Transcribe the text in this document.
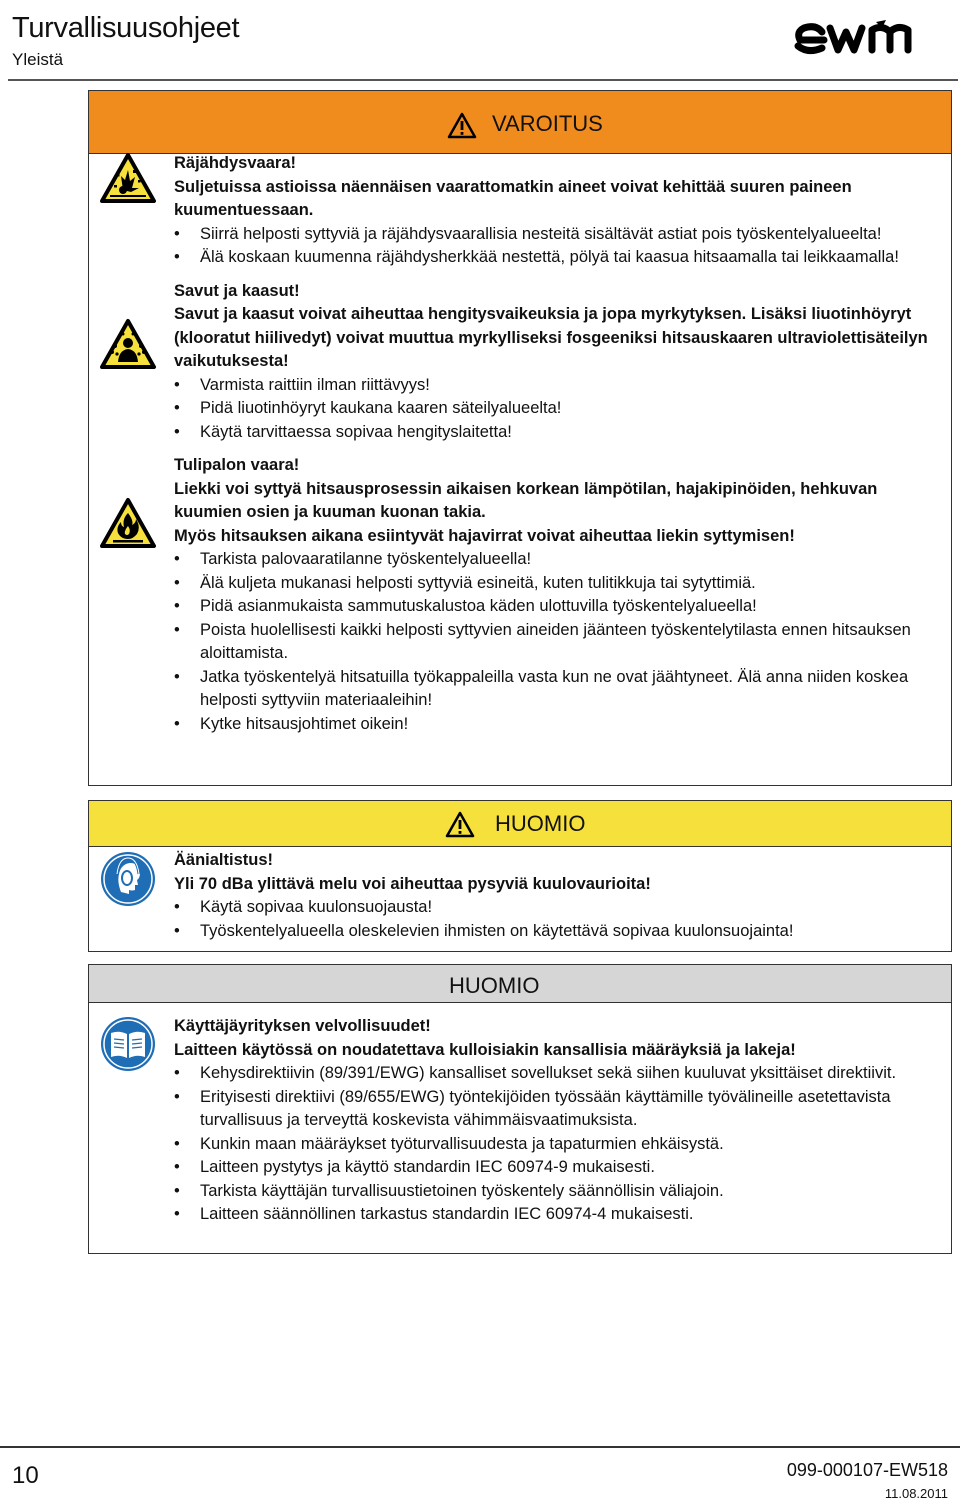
Turvallisuusohjeet
Yleistä
VAROITUS

Räjähdysvaara!

Suljetuissa astioissa näennäisen vaarattomatkin aineet voivat kehittää suuren paineen kuumentuessaan.

• Siirrä helposti syttyviä ja räjähdysvaarallisia nesteitä sisältävät astiat pois työskentelyalueelta!

• Älä koskaan kuumenna räjähdysherkkää nestettä, pölyä tai kaasua hitsaamalla tai leikkaamalla!

Savut ja kaasut!

Savut ja kaasut voivat aiheuttaa hengitysvaikeuksia ja jopa myrkytyksen. Lisäksi liuotinhöyryt (klooratut hiilivedyt) voivat muuttua myrkylliseksi fosgeeniksi hitsauskaaren ultraviolettisäteilyn vaikutuksesta!

• Varmista raittiin ilman riittävyys!

• Pidä liuotinhöyryt kaukana kaaren säteilyalueelta!

• Käytä tarvittaessa sopivaa hengityslaitetta!

Tulipalon vaara!

Liekki voi syttyä hitsausprosessin aikaisen korkean lämpötilan, hajakipinöiden, hehkuvan kuumien osien ja kuuman kuonan takia.

Myös hitsauksen aikana esiintyvät hajavirrat voivat aiheuttaa liekin syttymisen!

• Tarkista palovaaratilanne työskentelyalueella!

• Älä kuljeta mukanasi helposti syttyviä esineitä, kuten tulitikkuja tai sytyttimiä.

• Pidä asianmukaista sammutuskalustoa käden ulottuvilla työskentelyalueella!

• Poista huolellisesti kaikki helposti syttyvien aineiden jäänteen työskentelytilasta ennen hitsauksen aloittamista.

• Jatka työskentelyä hitsatuilla työkappaleilla vasta kun ne ovat jäähtyneet. Älä anna niiden koskea helposti syttyviin materiaaleihin!

• Kytke hitsausjohtimet oikein!

HUOMIO

Äänialtistus!

Yli 70 dBa ylittävä melu voi aiheuttaa pysyviä kuulovaurioita!

• Käytä sopivaa kuulonsuojausta!

• Työskentelyalueella oleskelevien ihmisten on käytettävä sopivaa kuulonsuojainta!

HUOMIO

Käyttäjäyrityksen velvollisuudet!

Laitteen käytössä on noudatettava kulloisiakin kansallisia määräyksiä ja lakeja!

• Kehysdirektiivin (89/391/EWG) kansalliset sovellukset sekä siihen kuuluvat yksittäiset direktiivit.

• Erityisesti direktiivi (89/655/EWG) työntekijöiden työssään käyttämille työvälineille asetettavista turvallisuus ja terveyttä koskevista vähimmäisvaatimuksista.

• Kunkin maan määräykset työturvallisuudesta ja tapaturmien ehkäisystä.

• Laitteen pystytys ja käyttö standardin IEC 60974-9 mukaisesti.

• Tarkista käyttäjän turvallisuustietoinen työskentely säännöllisin väliajoin.

• Laitteen säännöllinen tarkastus standardin IEC 60974-4 mukaisesti.

10	099-000107-EW518
11.08.2011
